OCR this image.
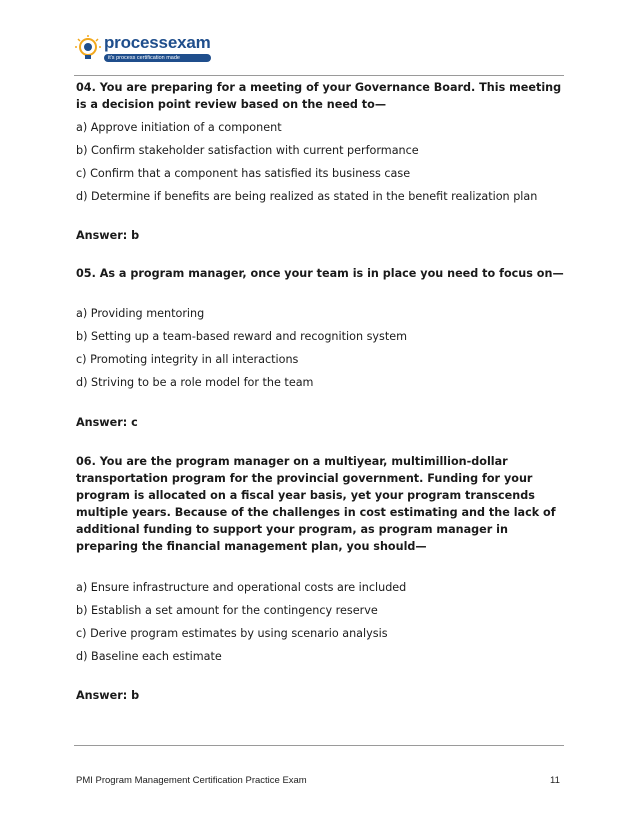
processexam
it's process certification made

04. You are preparing for a meeting of your Governance Board. This meeting is a decision point review based on the need to—

a) Approve initiation of a component

b) Confirm stakeholder satisfaction with current performance

c) Confirm that a component has satisfied its business case

d) Determine if benefits are being realized as stated in the benefit realization plan

Answer: b

05. As a program manager, once your team is in place you need to focus on—

a) Providing mentoring

b) Setting up a team-based reward and recognition system

c) Promoting integrity in all interactions

d) Striving to be a role model for the team

Answer: c

06. You are the program manager on a multiyear, multimillion-dollar transportation program for the provincial government. Funding for your program is allocated on a fiscal year basis, yet your program transcends multiple years. Because of the challenges in cost estimating and the lack of additional funding to support your program, as program manager in preparing the financial management plan, you should—

a) Ensure infrastructure and operational costs are included

b) Establish a set amount for the contingency reserve

c) Derive program estimates by using scenario analysis

d) Baseline each estimate

Answer: b

PMI Program Management Certification Practice Exam	11
